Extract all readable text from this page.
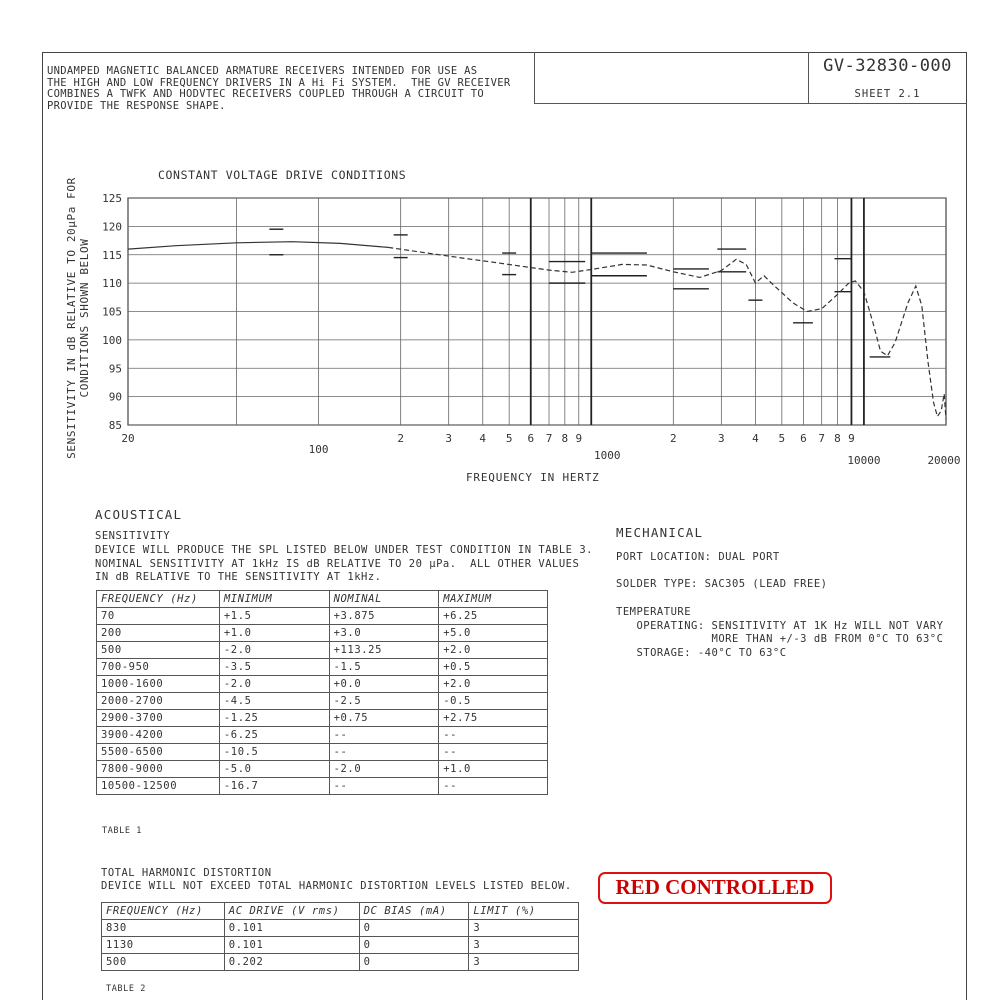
UNDAMPED MAGNETIC BALANCED ARMATURE RECEIVERS INTENDED FOR USE AS
THE HIGH AND LOW FREQUENCY DRIVERS IN A Hi Fi SYSTEM.  THE GV RECEIVER
COMBINES A TWFK AND HODVTEC RECEIVERS COUPLED THROUGH A CIRCUIT TO
PROVIDE THE RESPONSE SHAPE.
GV-32830-000
SHEET 2.1
CONSTANT VOLTAGE DRIVE CONDITIONS
SENSITIVITY IN dB RELATIVE TO 20μPa FOR
CONDITIONS SHOWN BELOW
FREQUENCY IN HERTZ
125
120
115
110
105
100
95
90
85
20
100
2	3 4 5 6 7 8 9
1000
2	3 4 5 6 7 8 9
10000	20000
ACOUSTICAL
SENSITIVITY
DEVICE WILL PRODUCE THE SPL LISTED BELOW UNDER TEST CONDITION IN TABLE 3.
NOMINAL SENSITIVITY AT 1kHz IS dB RELATIVE TO 20 μPa.  ALL OTHER VALUES
IN dB RELATIVE TO THE SENSITIVITY AT 1kHz.
FREQUENCY (Hz)	MINIMUM	NOMINAL	MAXIMUM
70	+1.5	+3.875	+6.25
200	+1.0	+3.0	+5.0
500	-2.0	+113.25	+2.0
700-950	-3.5	-1.5	+0.5
1000-1600	-2.0	+0.0	+2.0
2000-2700	-4.5	-2.5	-0.5
2900-3700	-1.25	+0.75	+2.75
3900-4200	-6.25	--	--
5500-6500	-10.5	--	--
7800-9000	-5.0	-2.0	+1.0
10500-12500	-16.7	--	--
TABLE 1
MECHANICAL
PORT LOCATION: DUAL PORT
SOLDER TYPE: SAC305 (LEAD FREE)
TEMPERATURE
OPERATING: SENSITIVITY AT 1K Hz WILL NOT VARY
MORE THAN +/-3 dB FROM 0°C TO 63°C
STORAGE: -40°C TO 63°C
TOTAL HARMONIC DISTORTION
DEVICE WILL NOT EXCEED TOTAL HARMONIC DISTORTION LEVELS LISTED BELOW.
FREQUENCY (Hz)	AC DRIVE (V rms)	DC BIAS (mA)	LIMIT (%)
830	0.101	0	3
1130	0.101	0	3
500	0.202	0	3
TABLE 2
RED CONTROLLED
